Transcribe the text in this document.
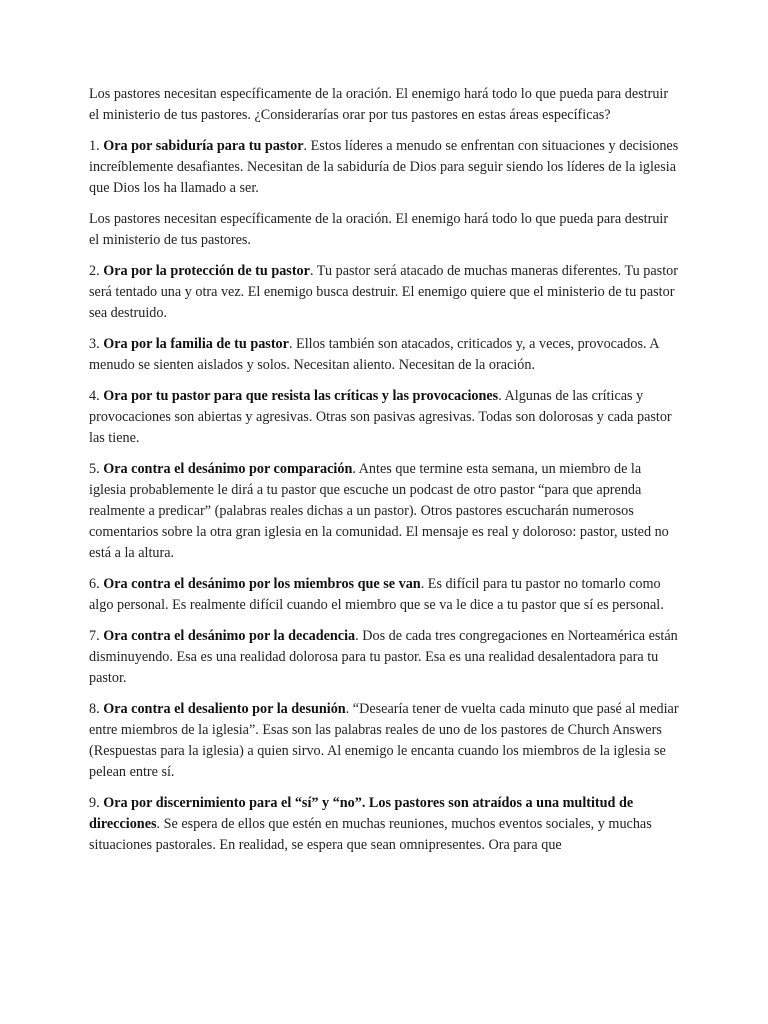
Los pastores necesitan específicamente de la oración. El enemigo hará todo lo que pueda para destruir el ministerio de tus pastores. ¿Considerarías orar por tus pastores en estas áreas específicas?

1. Ora por sabiduría para tu pastor. Estos líderes a menudo se enfrentan con situaciones y decisiones increíblemente desafiantes. Necesitan de la sabiduría de Dios para seguir siendo los líderes de la iglesia que Dios los ha llamado a ser.

Los pastores necesitan específicamente de la oración. El enemigo hará todo lo que pueda para destruir el ministerio de tus pastores.

2. Ora por la protección de tu pastor. Tu pastor será atacado de muchas maneras diferentes. Tu pastor será tentado una y otra vez. El enemigo busca destruir. El enemigo quiere que el ministerio de tu pastor sea destruido.

3. Ora por la familia de tu pastor. Ellos también son atacados, criticados y, a veces, provocados. A menudo se sienten aislados y solos. Necesitan aliento. Necesitan de la oración.

4. Ora por tu pastor para que resista las críticas y las provocaciones. Algunas de las críticas y provocaciones son abiertas y agresivas. Otras son pasivas agresivas. Todas son dolorosas y cada pastor las tiene.

5. Ora contra el desánimo por comparación. Antes que termine esta semana, un miembro de la iglesia probablemente le dirá a tu pastor que escuche un podcast de otro pastor “para que aprenda realmente a predicar” (palabras reales dichas a un pastor). Otros pastores escucharán numerosos comentarios sobre la otra gran iglesia en la comunidad. El mensaje es real y doloroso: pastor, usted no está a la altura.

6. Ora contra el desánimo por los miembros que se van. Es difícil para tu pastor no tomarlo como algo personal. Es realmente difícil cuando el miembro que se va le dice a tu pastor que sí es personal.

7. Ora contra el desánimo por la decadencia. Dos de cada tres congregaciones en Norteamérica están disminuyendo. Esa es una realidad dolorosa para tu pastor. Esa es una realidad desalentadora para tu pastor.

8. Ora contra el desaliento por la desunión. “Desearía tener de vuelta cada minuto que pasé al mediar entre miembros de la iglesia”. Esas son las palabras reales de uno de los pastores de Church Answers (Respuestas para la iglesia) a quien sirvo. Al enemigo le encanta cuando los miembros de la iglesia se pelean entre sí.

9. Ora por discernimiento para el “sí” y “no”. Los pastores son atraídos a una multitud de direcciones. Se espera de ellos que estén en muchas reuniones, muchos eventos sociales, y muchas situaciones pastorales. En realidad, se espera que sean omnipresentes. Ora para que
